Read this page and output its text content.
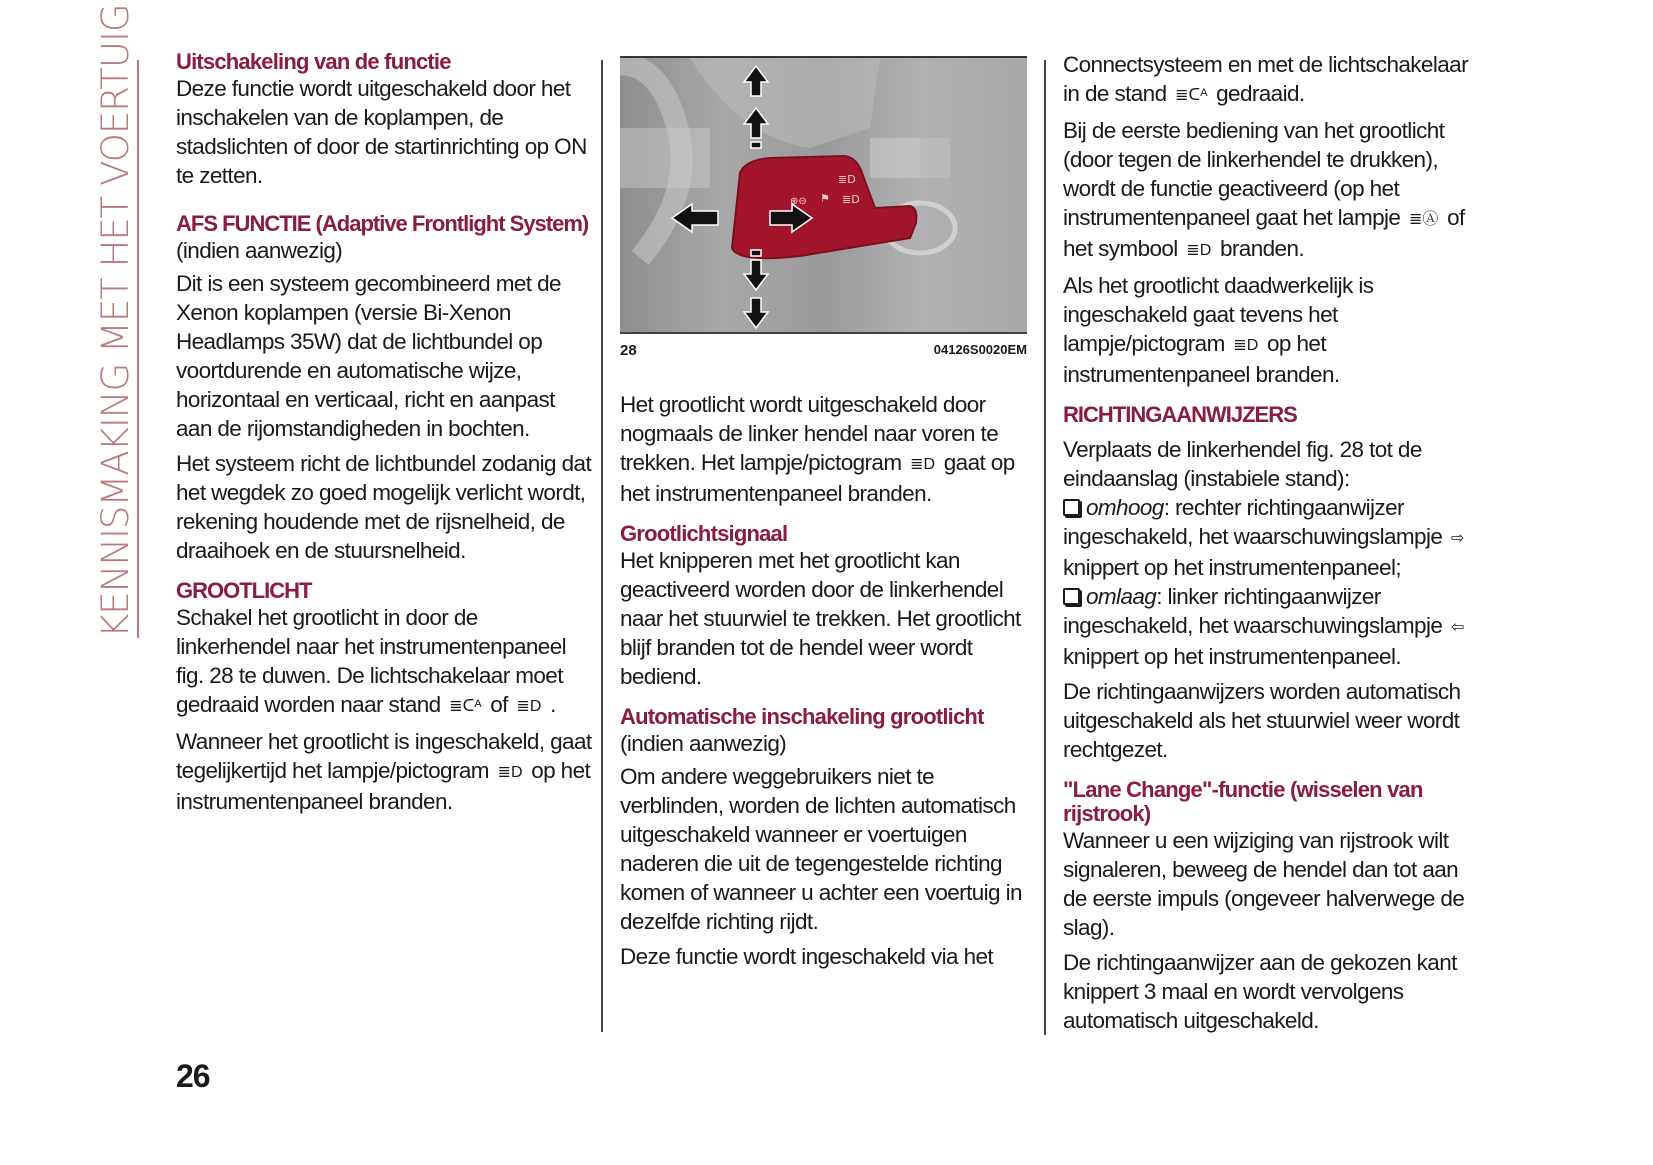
KENNISMAKING MET HET VOERTUIG Uitschakeling van de functie

Deze functie wordt uitgeschakeld door het inschakelen van de koplampen, de stadslichten of door de startinrichting op ON te zetten.

AFS FUNCTIE (Adaptive Frontlight System)

(indien aanwezig)

Dit is een systeem gecombineerd met de Xenon koplampen (versie Bi-Xenon Headlamps 35W) dat de lichtbundel op voortdurende en automatische wijze, horizontaal en verticaal, richt en aanpast aan de rijomstandigheden in bochten.

Het systeem richt de lichtbundel zodanig dat het wegdek zo goed mogelijk verlicht wordt, rekening houdende met de rijsnelheid, de draaihoek en de stuursnelheid.

GROOTLICHT

Schakel het grootlicht in door de linkerhendel naar het instrumentenpaneel fig. 28 te duwen. De lichtschakelaar moet gedraaid worden naar stand ≣ᑕᴬ of ≣D .

Wanneer het grootlicht is ingeschakeld, gaat tegelijkertijd het lampje/pictogram ≣D op het instrumentenpaneel branden.

⊕⊖ ⚑
≣D
≣D
28	04126S0020EM

Het grootlicht wordt uitgeschakeld door nogmaals de linker hendel naar voren te trekken. Het lampje/pictogram ≣D gaat op het instrumentenpaneel branden.

Grootlichtsignaal

Het knipperen met het grootlicht kan geactiveerd worden door de linkerhendel naar het stuurwiel te trekken. Het grootlicht blijf branden tot de hendel weer wordt bediend.

Automatische inschakeling grootlicht

(indien aanwezig)

Om andere weggebruikers niet te verblinden, worden de lichten automatisch uitgeschakeld wanneer er voertuigen naderen die uit de tegengestelde richting komen of wanneer u achter een voertuig in dezelfde richting rijdt.

Deze functie wordt ingeschakeld via het

Connectsysteem en met de lichtschakelaar in de stand ≣ᑕᴬ gedraaid.

Bij de eerste bediening van het grootlicht (door tegen de linkerhendel te drukken), wordt de functie geactiveerd (op het instrumentenpaneel gaat het lampje ≣Ⓐ of het symbool ≣D branden.

Als het grootlicht daadwerkelijk is ingeschakeld gaat tevens het lampje/pictogram ≣D op het instrumentenpaneel branden.

RICHTINGAANWIJZERS

Verplaats de linkerhendel fig. 28 tot de eindaanslag (instabiele stand):

omhoog: rechter richtingaanwijzer ingeschakeld, het waarschuwingslampje ⇨ knippert op het instrumentenpaneel;

omlaag: linker richtingaanwijzer ingeschakeld, het waarschuwingslampje ⇦ knippert op het instrumentenpaneel.

De richtingaanwijzers worden automatisch uitgeschakeld als het stuurwiel weer wordt rechtgezet.

"Lane Change"-functie (wisselen van rijstrook)

Wanneer u een wijziging van rijstrook wilt signaleren, beweeg de hendel dan tot aan de eerste impuls (ongeveer halverwege de slag).

De richtingaanwijzer aan de gekozen kant knippert 3 maal en wordt vervolgens automatisch uitgeschakeld.

26
